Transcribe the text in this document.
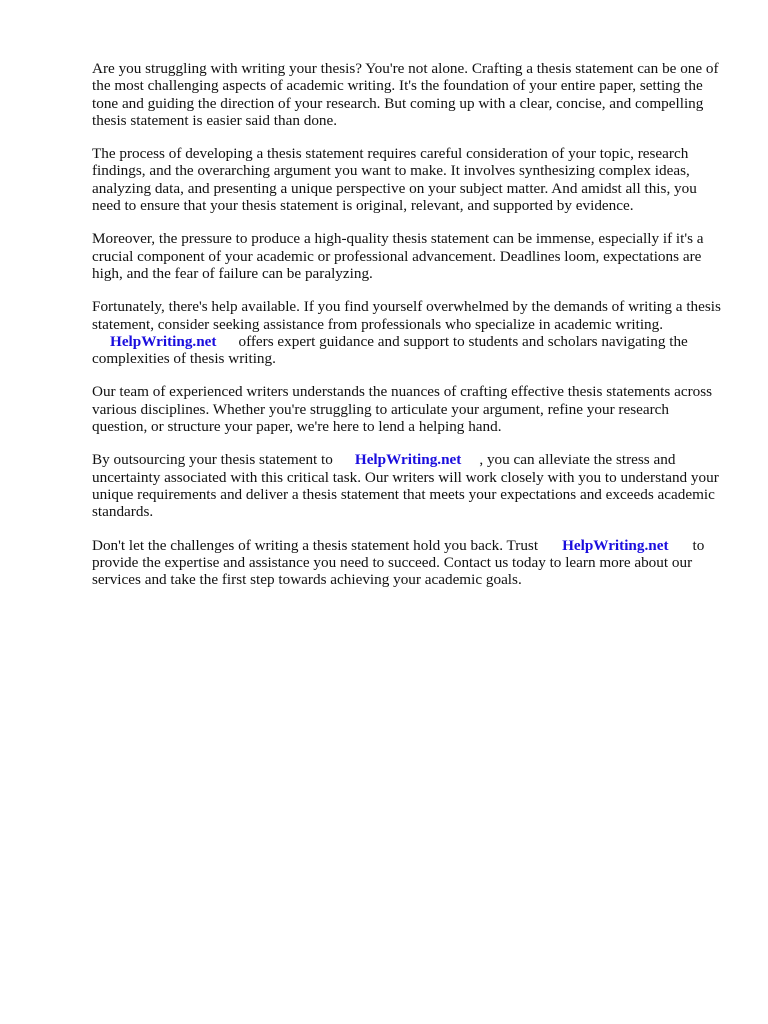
Are you struggling with writing your thesis? You're not alone. Crafting a thesis statement can be one of the most challenging aspects of academic writing. It's the foundation of your entire paper, setting the tone and guiding the direction of your research. But coming up with a clear, concise, and compelling thesis statement is easier said than done.

The process of developing a thesis statement requires careful consideration of your topic, research findings, and the overarching argument you want to make. It involves synthesizing complex ideas, analyzing data, and presenting a unique perspective on your subject matter. And amidst all this, you need to ensure that your thesis statement is original, relevant, and supported by evidence.

Moreover, the pressure to produce a high-quality thesis statement can be immense, especially if it's a crucial component of your academic or professional advancement. Deadlines loom, expectations are high, and the fear of failure can be paralyzing.

Fortunately, there's help available. If you find yourself overwhelmed by the demands of writing a thesis statement, consider seeking assistance from professionals who specialize in academic writing.
HelpWriting.net offers expert guidance and support to students and scholars navigating the complexities of thesis writing.

Our team of experienced writers understands the nuances of crafting effective thesis statements across various disciplines. Whether you're struggling to articulate your argument, refine your research question, or structure your paper, we're here to lend a helping hand.

By outsourcing your thesis statement to HelpWriting.net , you can alleviate the stress and uncertainty associated with this critical task. Our writers will work closely with you to understand your unique requirements and deliver a thesis statement that meets your expectations and exceeds academic standards.

Don't let the challenges of writing a thesis statement hold you back. Trust HelpWriting.net to provide the expertise and assistance you need to succeed. Contact us today to learn more about our services and take the first step towards achieving your academic goals.
